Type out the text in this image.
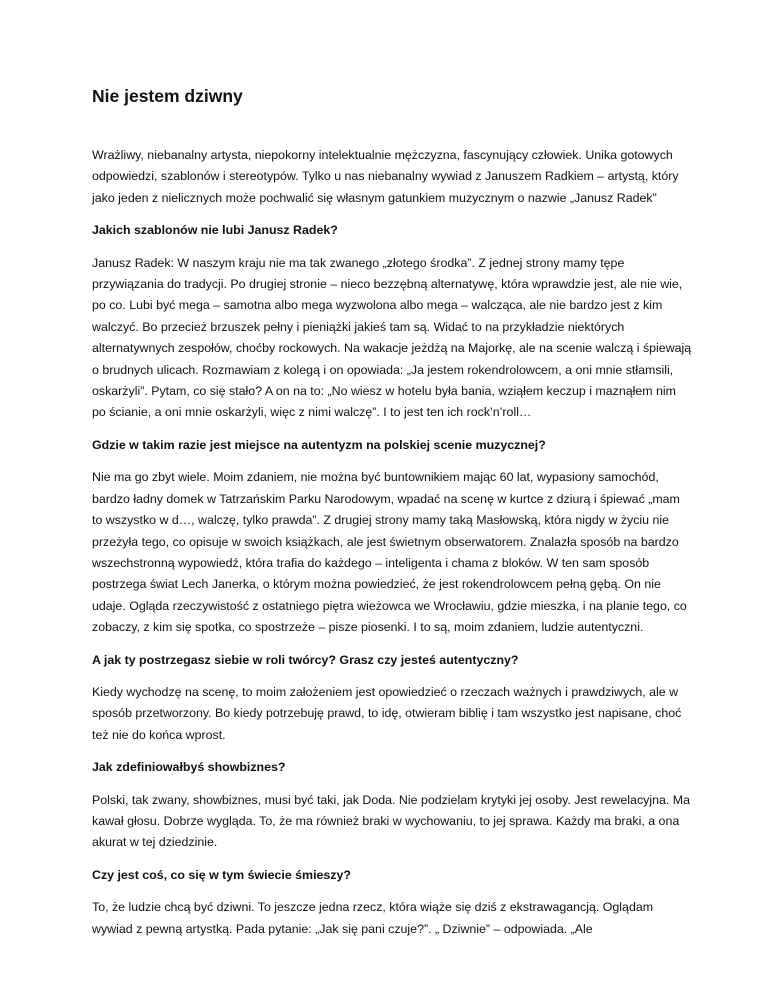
Nie jestem dziwny

Wrażliwy, niebanalny artysta, niepokorny intelektualnie mężczyzna, fascynujący człowiek. Unika gotowych odpowiedzi, szablonów i stereotypów. Tylko u nas niebanalny wywiad z Januszem Radkiem – artystą, który jako jeden z nielicznych może pochwalić się własnym gatunkiem muzycznym o nazwie „Janusz Radek”

Jakich szablonów nie lubi Janusz Radek?

Janusz Radek: W naszym kraju nie ma tak zwanego „złotego środka”. Z jednej strony mamy tępe przywiązania do tradycji. Po drugiej stronie – nieco bezzębną alternatywę, która wprawdzie jest, ale nie wie, po co. Lubi być mega – samotna albo mega wyzwolona albo mega – walcząca, ale nie bardzo jest z kim walczyć. Bo przecież brzuszek pełny i pieniążki jakieś tam są. Widać to na przykładzie niektórych alternatywnych zespołów, choćby rockowych. Na wakacje jeżdżą na Majorkę, ale na scenie walczą i śpiewają o brudnych ulicach. Rozmawiam z kolegą i on opowiada: „Ja jestem rokendrolowcem, a oni mnie stłamsili, oskarżyli”. Pytam, co się stało? A on na to: „No wiesz w hotelu była bania, wziąłem keczup i maznąłem nim po ścianie, a oni mnie oskarżyli, więc z nimi walczę”. I to jest ten ich rock’n’roll…

Gdzie w takim razie jest miejsce na autentyzm na polskiej scenie muzycznej?

Nie ma go zbyt wiele. Moim zdaniem, nie można być buntownikiem mając 60 lat, wypasiony samochód, bardzo ładny domek w Tatrzańskim Parku Narodowym, wpadać na scenę w kurtce z dziurą i śpiewać „mam to wszystko w d…, walczę, tylko prawda”. Z drugiej strony mamy taką Masłowską, która nigdy w życiu nie przeżyła tego, co opisuje w swoich książkach, ale jest świetnym obserwatorem. Znalazła sposób na bardzo wszechstronną wypowiedź, która trafia do każdego – inteligenta i chama z bloków. W ten sam sposób postrzega świat Lech Janerka, o którym można powiedzieć, że jest rokendrolowcem pełną gębą. On nie udaje. Ogląda rzeczywistość z ostatniego piętra wieżowca we Wrocławiu, gdzie mieszka, i na planie tego, co zobaczy, z kim się spotka, co spostrzeże – pisze piosenki. I to są, moim zdaniem, ludzie autentyczni.

A jak ty postrzegasz siebie w roli twórcy? Grasz czy jesteś autentyczny?

Kiedy wychodzę na scenę, to moim założeniem jest opowiedzieć o rzeczach ważnych i prawdziwych, ale w sposób przetworzony. Bo kiedy potrzebuję prawd, to idę, otwieram biblię i tam wszystko jest napisane, choć też nie do końca wprost.

Jak zdefiniowałbyś showbiznes?

Polski, tak zwany, showbiznes, musi być taki, jak Doda. Nie podzielam krytyki jej osoby. Jest rewelacyjna. Ma kawał głosu. Dobrze wygląda. To, że ma również braki w wychowaniu, to jej sprawa. Każdy ma braki, a ona akurat w tej dziedzinie.

Czy jest coś, co się w tym świecie śmieszy?

To, że ludzie chcą być dziwni. To jeszcze jedna rzecz, która wiąże się dziś z ekstrawagancją. Oglądam wywiad z pewną artystką. Pada pytanie: „Jak się pani czuje?”. „ Dziwnie” – odpowiada. „Ale
